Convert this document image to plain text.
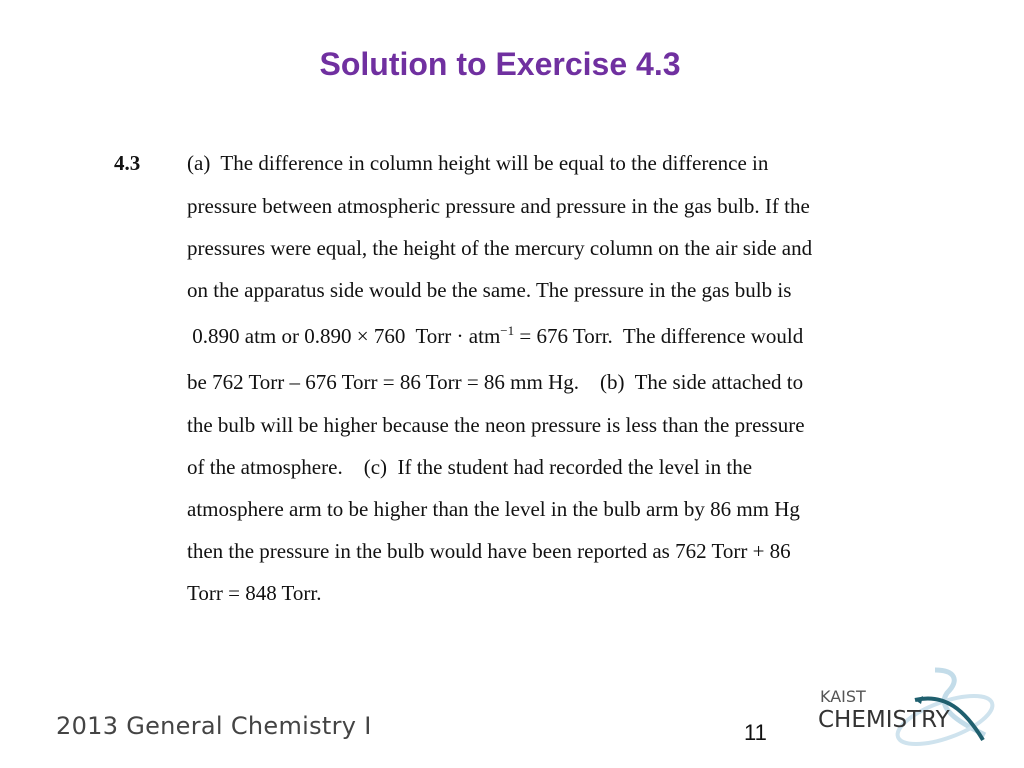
Solution to Exercise 4.3
4.3 (a)  The difference in column height will be equal to the difference in
pressure between atmospheric pressure and pressure in the gas bulb. If the
pressures were equal, the height of the mercury column on the air side and
on the apparatus side would be the same. The pressure in the gas bulb is
0.890 atm or 0.890 × 760  Torr · atm$^{-1}$ = 676 Torr.  The difference would
be 762 Torr – 676 Torr = 86 Torr = 86 mm Hg.    (b)  The side attached to
the bulb will be higher because the neon pressure is less than the pressure
of the atmosphere.    (c)  If the student had recorded the level in the
atmosphere arm to be higher than the level in the bulb arm by 86 mm Hg
then the pressure in the bulb would have been reported as 762 Torr + 86
Torr = 848 Torr.
2013 General Chemistry I	11
KAIST
CHEMISTRY
